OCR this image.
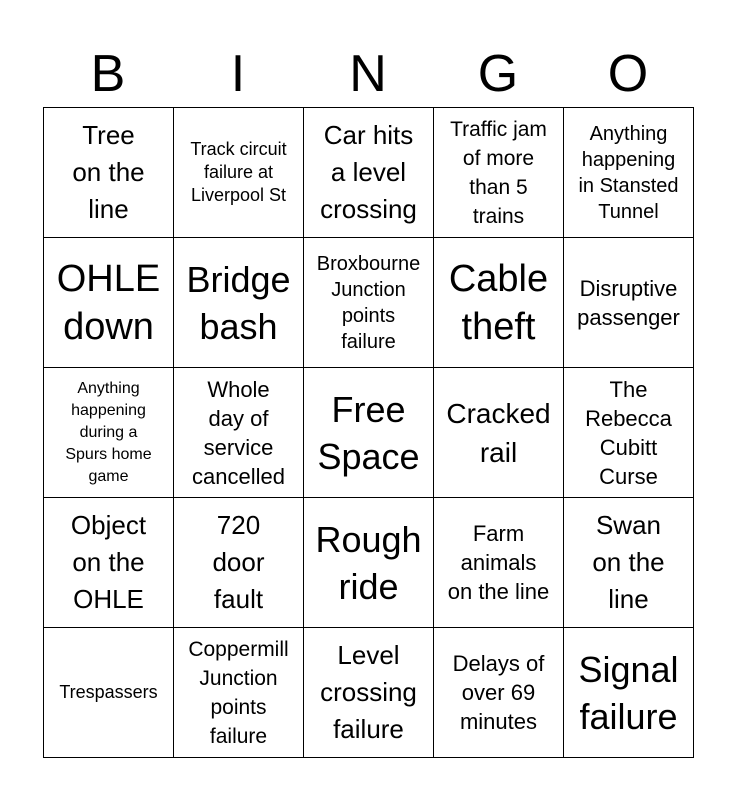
B	I	N	G	O
Tree
on the
line	Track circuit
failure at
Liverpool St	Car hits
a level
crossing	Traffic jam
of more
than 5
trains	Anything
happening
in Stansted
Tunnel

OHLE
down	Bridge
bash	Broxbourne
Junction
points
failure	Cable
theft	Disruptive
passenger

Anything
happening
during a
Spurs home
game	Whole
day of
service
cancelled	Free
Space	Cracked
rail	The
Rebecca
Cubitt
Curse

Object
on the
OHLE	720
door
fault	Rough
ride	Farm
animals
on the line	Swan
on the
line

Trespassers	Coppermill
Junction
points
failure	Level
crossing
failure	Delays of
over 69
minutes	Signal
failure
